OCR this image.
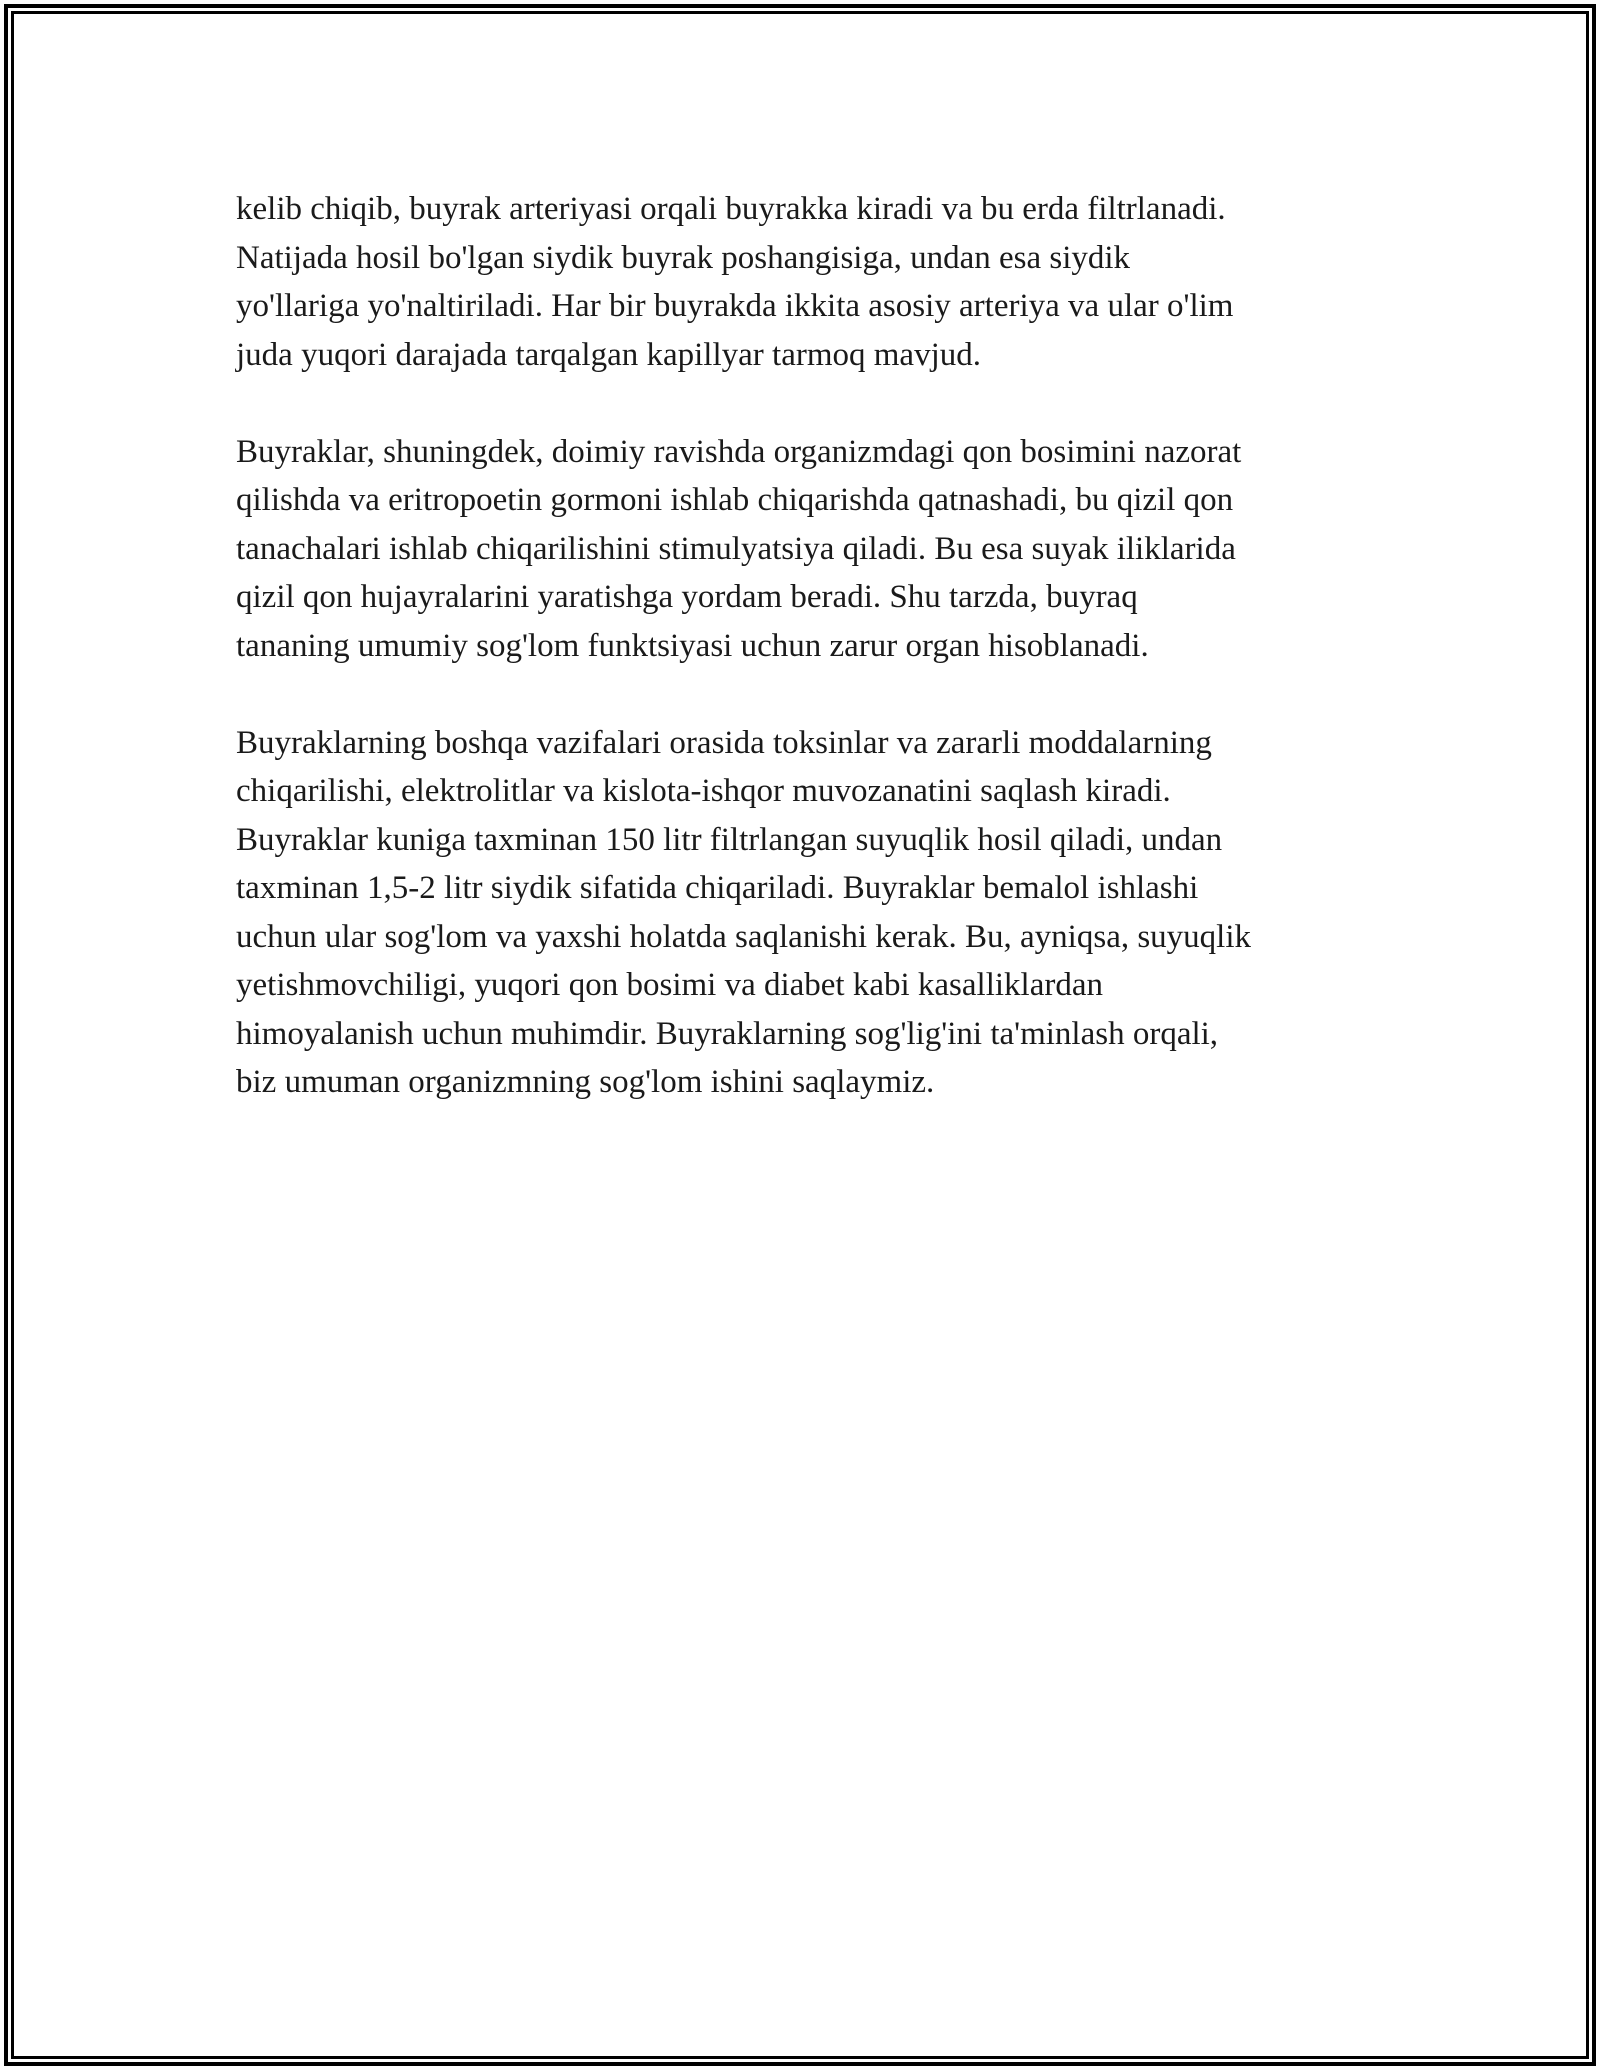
kelib chiqib, buyrak arteriyasi orqali buyrakka kiradi va bu erda filtrlanadi.
Natijada hosil bo'lgan siydik buyrak poshangisiga, undan esa siydik
yo'llariga yo'naltiriladi. Har bir buyrakda ikkita asosiy arteriya va ular o'lim
juda yuqori darajada tarqalgan kapillyar tarmoq mavjud.

Buyraklar, shuningdek, doimiy ravishda organizmdagi qon bosimini nazorat
qilishda va eritropoetin gormoni ishlab chiqarishda qatnashadi, bu qizil qon
tanachalari ishlab chiqarilishini stimulyatsiya qiladi. Bu esa suyak iliklarida
qizil qon hujayralarini yaratishga yordam beradi. Shu tarzda, buyraq
tananing umumiy sog'lom funktsiyasi uchun zarur organ hisoblanadi.

Buyraklarning boshqa vazifalari orasida toksinlar va zararli moddalarning
chiqarilishi, elektrolitlar va kislota-ishqor muvozanatini saqlash kiradi.
Buyraklar kuniga taxminan 150 litr filtrlangan suyuqlik hosil qiladi, undan
taxminan 1,5-2 litr siydik sifatida chiqariladi. Buyraklar bemalol ishlashi
uchun ular sog'lom va yaxshi holatda saqlanishi kerak. Bu, ayniqsa, suyuqlik
yetishmovchiligi, yuqori qon bosimi va diabet kabi kasalliklardan
himoyalanish uchun muhimdir. Buyraklarning sog'lig'ini ta'minlash orqali,
biz umuman organizmning sog'lom ishini saqlaymiz.
